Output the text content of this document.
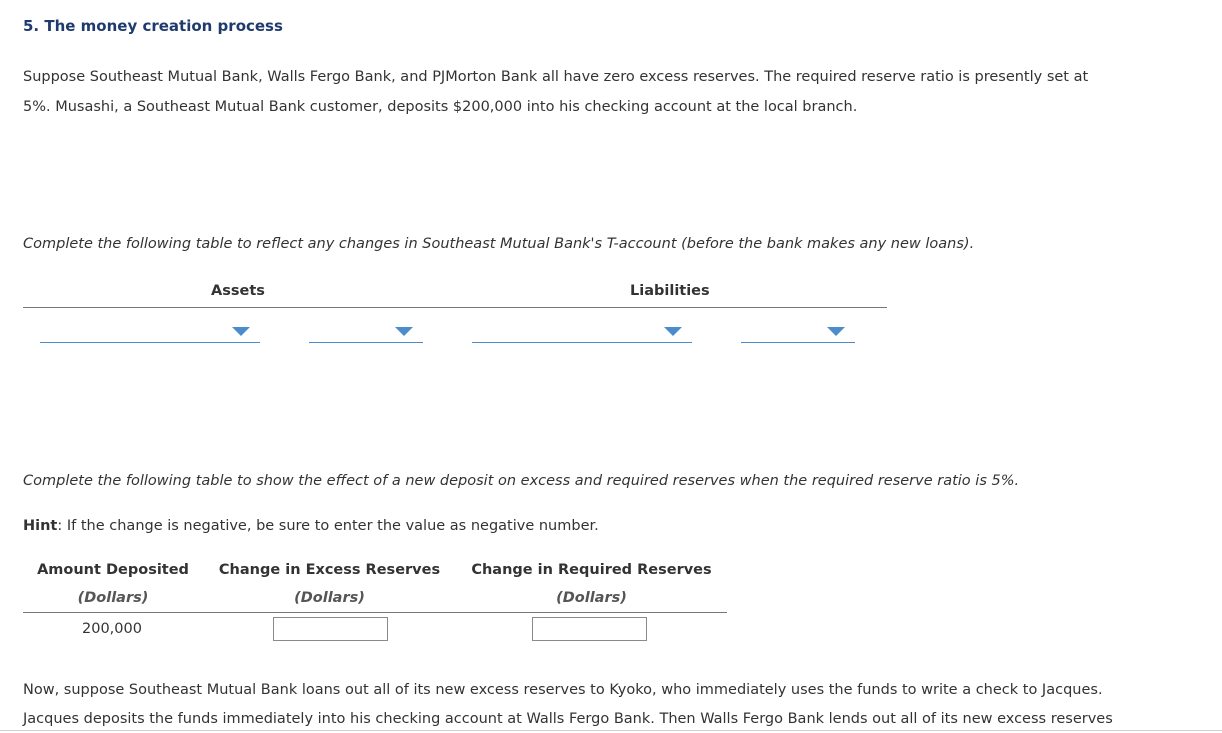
5. The money creation process
Suppose Southeast Mutual Bank, Walls Fergo Bank, and PJMorton Bank all have zero excess reserves. The required reserve ratio is presently set at
5%. Musashi, a Southeast Mutual Bank customer, deposits $200,000 into his checking account at the local branch.
Complete the following table to reflect any changes in Southeast Mutual Bank's T-account (before the bank makes any new loans).
Assets	Liabilities
Complete the following table to show the effect of a new deposit on excess and required reserves when the required reserve ratio is 5%.
Hint: If the change is negative, be sure to enter the value as negative number.
Amount Deposited	Change in Excess Reserves	Change in Required Reserves
(Dollars)	(Dollars)	(Dollars)
200,000
Now, suppose Southeast Mutual Bank loans out all of its new excess reserves to Kyoko, who immediately uses the funds to write a check to Jacques.
Jacques deposits the funds immediately into his checking account at Walls Fergo Bank. Then Walls Fergo Bank lends out all of its new excess reserves
